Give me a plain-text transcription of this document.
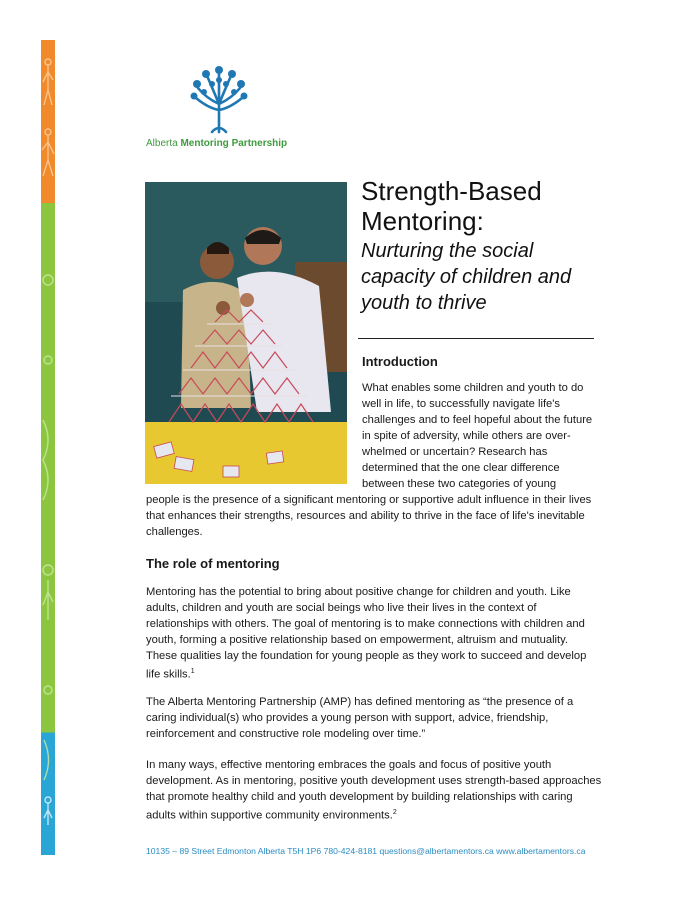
Alberta Mentoring Partnership
Strength-Based
Mentoring:
Nurturing the social capacity of children and youth to thrive
Introduction
What enables some children and youth to do well in life, to successfully navigate life's challenges and to feel hopeful about the future in spite of adversity, while others are over-whelmed or uncertain? Research has determined that the one clear difference between these two categories of young
people is the presence of a significant mentoring or supportive adult influence in their lives that enhances their strengths, resources and ability to thrive in the face of life's inevitable challenges.
The role of mentoring
Mentoring has the potential to bring about positive change for children and youth. Like adults, children and youth are social beings who live their lives in the context of relationships with others. The goal of mentoring is to make connections with children and youth, forming a positive relationship based on empowerment, altruism and mutuality. These qualities lay the foundation for young people as they work to succeed and develop life skills.$^1$
The Alberta Mentoring Partnership (AMP) has defined mentoring as “the presence of a caring individual(s) who provides a young person with support, advice, friendship, reinforcement and constructive role modeling over time.”
In many ways, effective mentoring embraces the goals and focus of positive youth development. As in mentoring, positive youth development uses strength-based approaches that promote healthy child and youth development by building relationships with caring adults within supportive community environments.$^2$
10135 – 89 Street Edmonton Alberta T5H 1P6 780-424-8181 questions@albertamentors.ca www.albertamentors.ca
